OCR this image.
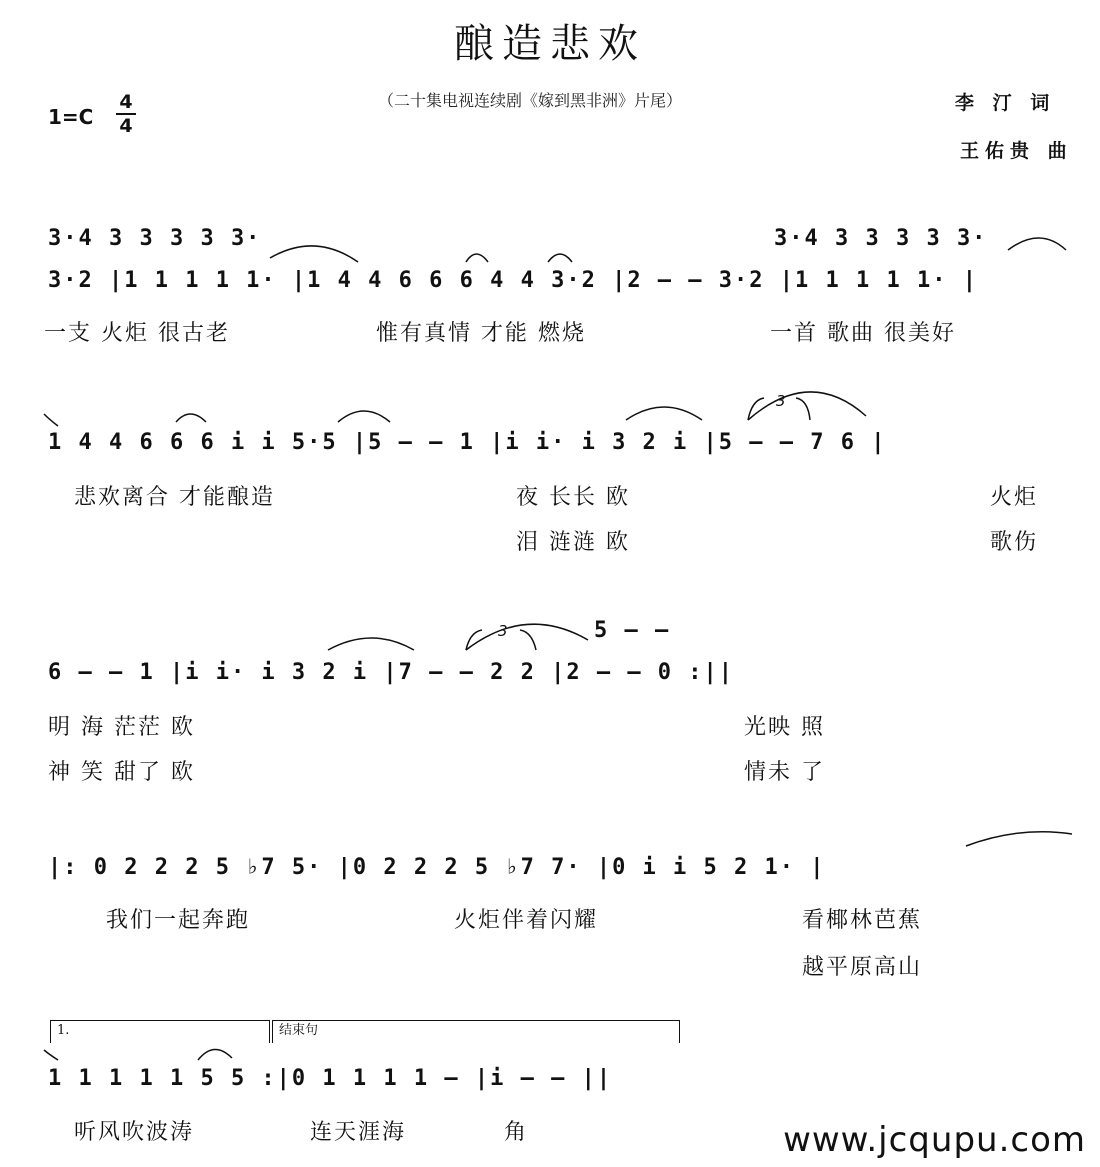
酿造悲欢
（二十集电视连续剧《嫁到黑非洲》片尾）	李 汀 词
王佑贵 曲
1=C
4
4
3·4 3 3 3 3 3·	3·4 3 3 3 3 3·
3·2 |1 1 1 1 1· |1 4 4 6 6 6 4 4 3·2 |2 – – 3·2 |1 1 1 1 1· |
一支 火炬 很古老	惟有真情 才能 燃烧	一首 歌曲 很美好
1 4 4 6 6 6 i i 5·5 |5 – – 1 |i i· i 3 2 i |5 – – 7 6 |
悲欢离合 才能酿造	夜 长长 欧
泪 涟涟 欧
火炬
歌伤
3
5 – –
6 – – 1 |i i· i 3 2 i |7 – – 2 2 |2 – – 0 :||
明 海 茫茫 欧
神 笑 甜了 欧
光映 照
情未 了
3
|: 0 2 2 2 5 ♭7 5· |0 2 2 2 5 ♭7 7· |0 i i 5 2 1· |
我们一起奔跑	火炬伴着闪耀	看椰林芭蕉
越平原高山
1.	结束句
1 1 1 1 1 5 5 :|0 1 1 1 1 – |i – – ||
听风吹波涛	连天涯海	角	www.jcqupu.com
